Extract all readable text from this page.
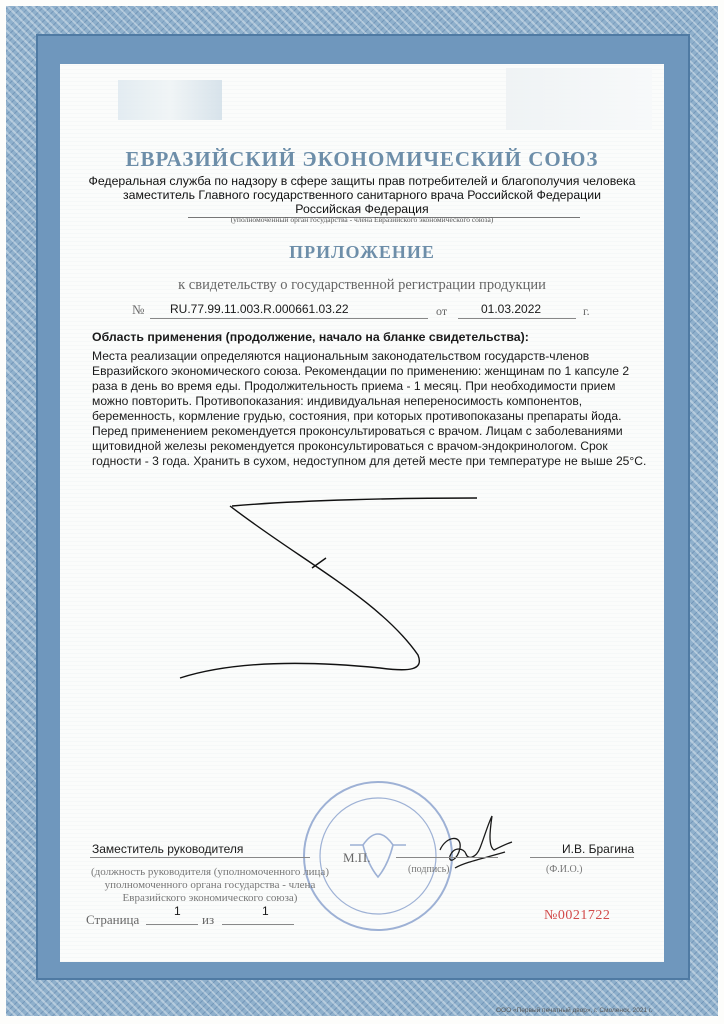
ЕВРАЗИЙСКИЙ ЭКОНОМИЧЕСКИЙ СОЮЗ
Федеральная служба по надзору в сфере защиты прав потребителей и благополучия человека
заместитель Главного государственного санитарного врача Российской Федерации
Российская Федерация
(уполномоченный орган государства - члена Евразийского экономического союза)
ПРИЛОЖЕНИЕ
к свидетельству о государственной регистрации продукции
№ RU.77.99.11.003.R.000661.03.22	от	01.03.2022	г.
Область применения (продолжение, начало на бланке свидетельства):
Места реализации определяются национальным законодательством государств-членов
Евразийского экономического союза. Рекомендации по применению: женщинам по 1 капсуле 2
раза в день во время еды. Продолжительность приема - 1 месяц. При необходимости прием
можно повторить. Противопоказания: индивидуальная непереносимость компонентов,
беременность, кормление грудью, состояния, при которых противопоказаны препараты йода.
Перед применением рекомендуется проконсультироваться с врачом. Лицам с заболеваниями
щитовидной железы рекомендуется проконсультироваться с врачом-эндокринологом. Срок
годности - 3 года. Хранить в сухом, недоступном для детей месте при температуре не выше 25°С.
Заместитель руководителя
М.П.
И.В. Брагина
(должность руководителя (уполномоченного лица) уполномоченного органа государства - члена Евразийского экономического союза)
(подпись)	(Ф.И.О.)
Страница
1
из
1	№0021722
ООО «Первый печатный двор», г. Смоленск, 2021 г.
